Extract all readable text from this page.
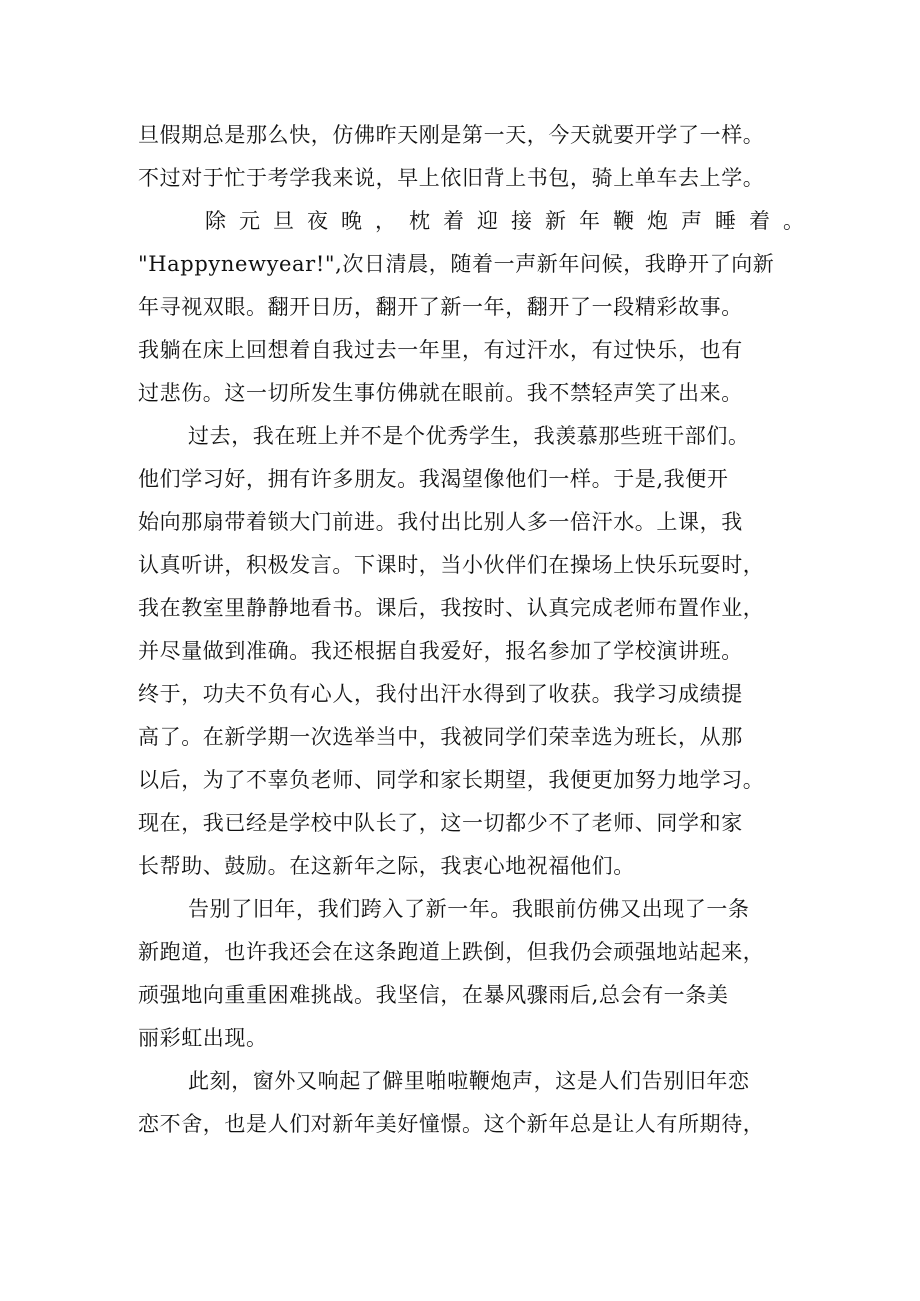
旦假期总是那么快，仿佛昨天刚是第一天，今天就要开学了一样。
不过对于忙于考学我来说，早上依旧背上书包，骑上单车去上学。
除元旦夜晚，枕着迎接新年鞭炮声睡着。
"Happynewyear!",次日清晨，随着一声新年问候，我睁开了向新
年寻视双眼。翻开日历，翻开了新一年，翻开了一段精彩故事。
我躺在床上回想着自我过去一年里，有过汗水，有过快乐，也有
过悲伤。这一切所发生事仿佛就在眼前。我不禁轻声笑了出来。
过去，我在班上并不是个优秀学生，我羡慕那些班干部们。
他们学习好，拥有许多朋友。我渴望像他们一样。于是,我便开
始向那扇带着锁大门前进。我付出比别人多一倍汗水。上课，我
认真听讲，积极发言。下课时，当小伙伴们在操场上快乐玩耍时，
我在教室里静静地看书。课后，我按时、认真完成老师布置作业，
并尽量做到准确。我还根据自我爱好，报名参加了学校演讲班。
终于，功夫不负有心人，我付出汗水得到了收获。我学习成绩提
高了。在新学期一次选举当中，我被同学们荣幸选为班长，从那
以后，为了不辜负老师、同学和家长期望，我便更加努力地学习。
现在，我已经是学校中队长了，这一切都少不了老师、同学和家
长帮助、鼓励。在这新年之际，我衷心地祝福他们。
告别了旧年，我们跨入了新一年。我眼前仿佛又出现了一条
新跑道，也许我还会在这条跑道上跌倒，但我仍会顽强地站起来，
顽强地向重重困难挑战。我坚信，在暴风骤雨后,总会有一条美
丽彩虹出现。
此刻，窗外又响起了僻里啪啦鞭炮声，这是人们告别旧年恋
恋不舍，也是人们对新年美好憧憬。这个新年总是让人有所期待，
